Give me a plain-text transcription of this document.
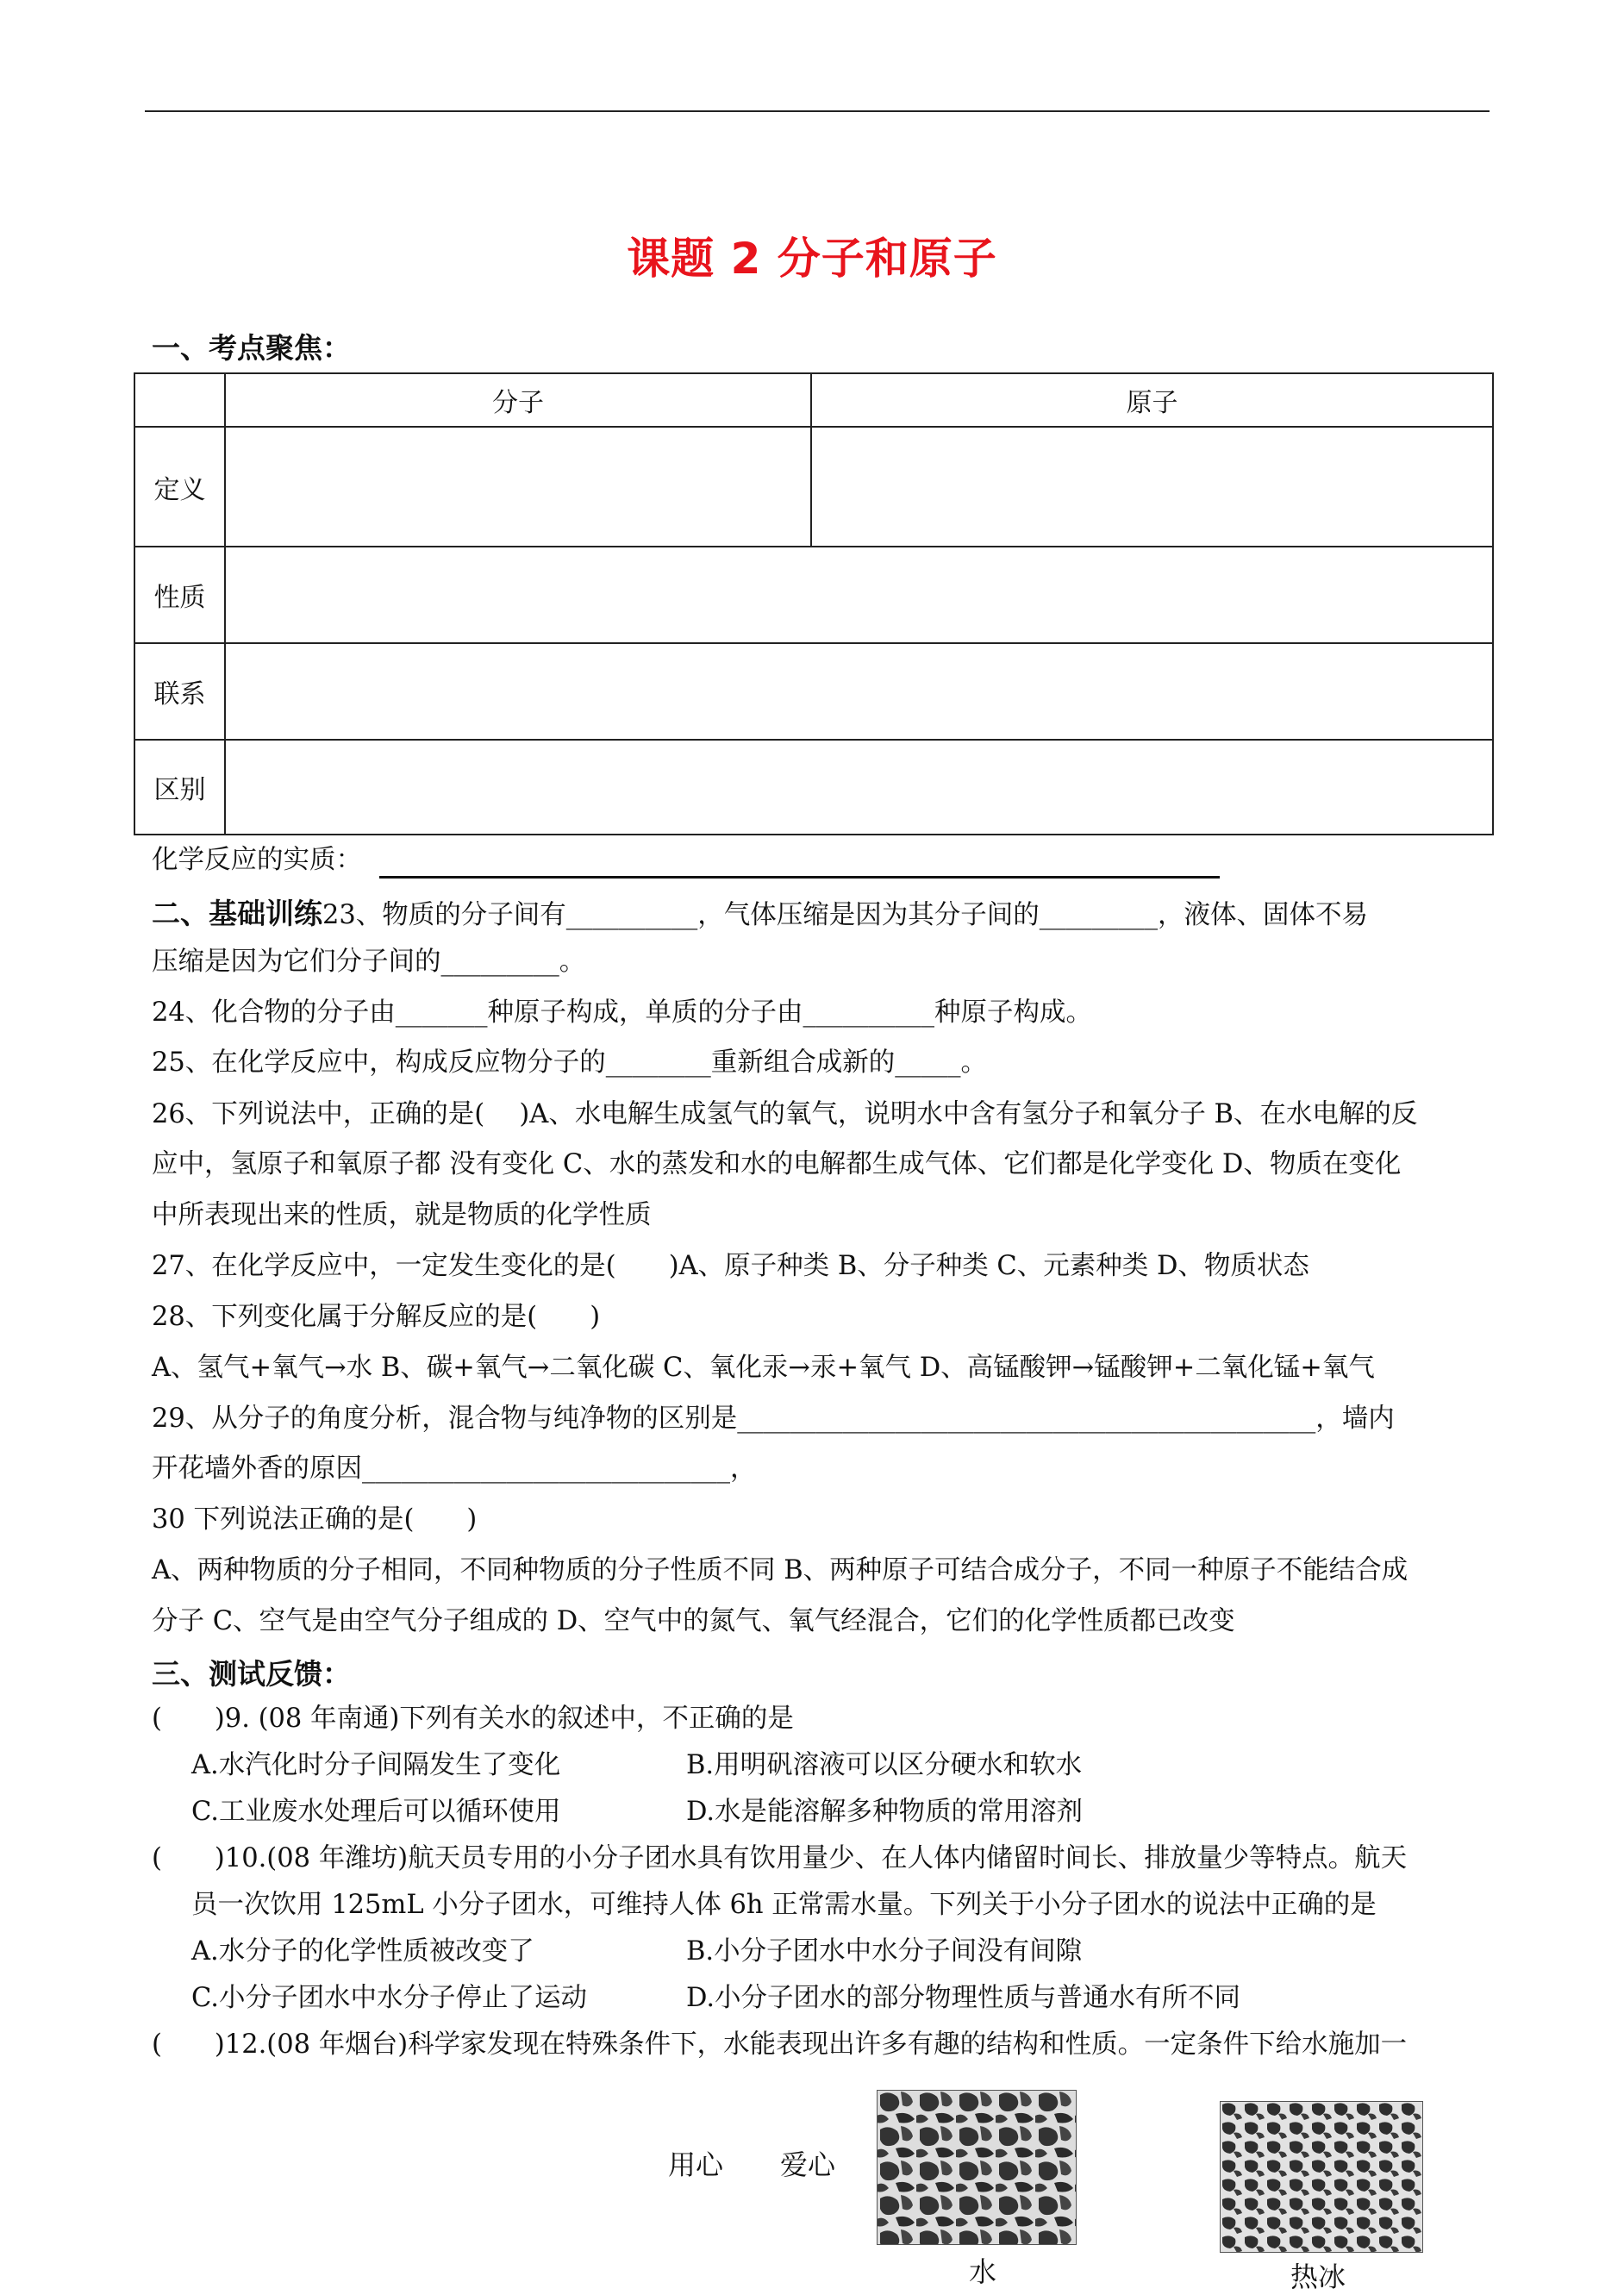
课题 2 分子和原子
一、考点聚焦：
	分子	原子
定义		
性质		
联系		
区别		
化学反应的实质：
二、基础训练23、物质的分子间有__________，气体压缩是因为其分子间的_________，液体、固体不易
压缩是因为它们分子间的_________。
24、化合物的分子由_______种原子构成，单质的分子由__________种原子构成。
25、在化学反应中，构成反应物分子的________重新组合成新的_____。
26、下列说法中，正确的是(　 )A、水电解生成氢气的氧气，说明水中含有氢分子和氧分子 B、在水电解的反
应中，氢原子和氧原子都 没有变化 C、水的蒸发和水的电解都生成气体、它们都是化学变化 D、物质在变化
中所表现出来的性质，就是物质的化学性质
27、在化学反应中，一定发生变化的是(　　)A、原子种类 B、分子种类 C、元素种类 D、物质状态
28、下列变化属于分解反应的是(　　)
A、氢气+氧气→水 B、碳+氧气→二氧化碳 C、氧化汞→汞+氧气 D、高锰酸钾→锰酸钾+二氧化锰+氧气
29、从分子的角度分析，混合物与纯净物的区别是____________________________________________，墙内
开花墙外香的原因____________________________，
30 下列说法正确的是(　　)
A、两种物质的分子相同，不同种物质的分子性质不同 B、两种原子可结合成分子，不同一种原子不能结合成
分子 C、空气是由空气分子组成的 D、空气中的氮气、氧气经混合，它们的化学性质都已改变
三、测试反馈：
(　　)9. (08 年南通)下列有关水的叙述中，不正确的是
A.水汽化时分子间隔发生了变化	B.用明矾溶液可以区分硬水和软水
C.工业废水处理后可以循环使用	D.水是能溶解多种物质的常用溶剂
(　　)10.(08 年潍坊)航天员专用的小分子团水具有饮用量少、在人体内储留时间长、排放量少等特点。航天
员一次饮用 125mL 小分子团水，可维持人体 6h 正常需水量。下列关于小分子团水的说法中正确的是
A.水分子的化学性质被改变了	B.小分子团水中水分子间没有间隙
C.小分子团水中水分子停止了运动	D.小分子团水的部分物理性质与普通水有所不同
(　　)12.(08 年烟台)科学家发现在特殊条件下，水能表现出许多有趣的结构和性质。一定条件下给水施加一
用心 爱心
水	热冰
